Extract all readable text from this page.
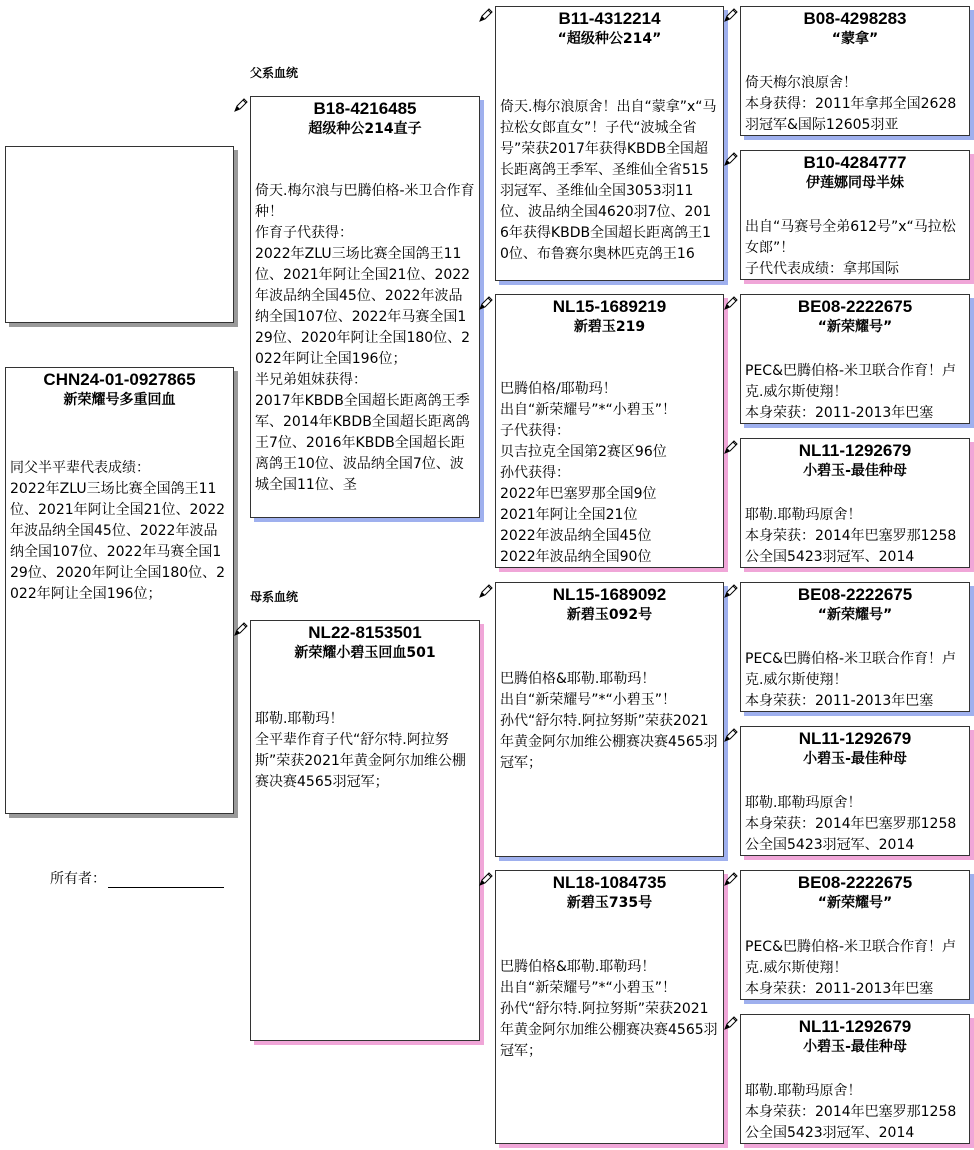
CHN24-01-0927865
新荣耀号多重回血
同父半平辈代表成绩：
2022年ZLU三场比赛全国鸽王11位、2021年阿让全国21位、2022年波品纳全国45位、2022年波品纳全国107位、2022年马赛全国129位、2020年阿让全国180位、2022年阿让全国196位；
所有者：
父系血统
母系血统
B18-4216485
超级种公214直子
倚天.梅尔浪与巴腾伯格-米卫合作育种！
作育子代获得：
2022年ZLU三场比赛全国鸽王11位、2021年阿让全国21位、2022年波品纳全国45位、2022年波品纳全国107位、2022年马赛全国129位、2020年阿让全国180位、2022年阿让全国196位；
半兄弟姐妹获得：
2017年KBDB全国超长距离鸽王季军、2014年KBDB全国超长距离鸽王7位、2016年KBDB全国超长距离鸽王10位、波品纳全国7位、波城全国11位、圣
NL22-8153501
新荣耀小碧玉回血501
耶勒.耶勒玛！
全平辈作育子代“舒尔特.阿拉努斯”荣获2021年黄金阿尔加维公棚赛决赛4565羽冠军；
B11-4312214
“超级种公214”
倚天.梅尔浪原舍！出自“蒙拿”x“马拉松女郎直女”！子代“波城全省号”荣获2017年获得KBDB全国超长距离鸽王季军、圣维仙全省515羽冠军、圣维仙全国3053羽11位、波品纳全国4620羽7位、2016年获得KBDB全国超长距离鸽王10位、布鲁赛尔奥林匹克鸽王16
NL15-1689219
新碧玉219
巴腾伯格/耶勒玛！
出自“新荣耀号”*“小碧玉”！
子代获得：
贝吉拉克全国第2赛区96位
孙代获得：
2022年巴塞罗那全国9位
2021年阿让全国21位
2022年波品纳全国45位
2022年波品纳全国90位
NL15-1689092
新碧玉092号
巴腾伯格&耶勒.耶勒玛！
出自“新荣耀号”*“小碧玉”！
孙代“舒尔特.阿拉努斯”荣获2021年黄金阿尔加维公棚赛决赛4565羽冠军；
NL18-1084735
新碧玉735号
巴腾伯格&耶勒.耶勒玛！
出自“新荣耀号”*“小碧玉”！
孙代“舒尔特.阿拉努斯”荣获2021年黄金阿尔加维公棚赛决赛4565羽冠军；
B08-4298283
“蒙拿”
倚天梅尔浪原舍！
本身获得：2011年拿邦全国2628羽冠军&国际12605羽亚
B10-4284777
伊莲娜同母半妹
出自“马赛号全弟612号”x“马拉松女郎”！
子代代表成绩：拿邦国际
BE08-2222675
“新荣耀号”
PEC&巴腾伯格-米卫联合作育！卢克.威尔斯使翔！
本身荣获：2011-2013年巴塞
NL11-1292679
小碧玉-最佳种母
耶勒.耶勒玛原舍！
本身荣获：2014年巴塞罗那1258公全国5423羽冠军、2014
BE08-2222675
“新荣耀号”
PEC&巴腾伯格-米卫联合作育！卢克.威尔斯使翔！
本身荣获：2011-2013年巴塞
NL11-1292679
小碧玉-最佳种母
耶勒.耶勒玛原舍！
本身荣获：2014年巴塞罗那1258公全国5423羽冠军、2014
BE08-2222675
“新荣耀号”
PEC&巴腾伯格-米卫联合作育！卢克.威尔斯使翔！
本身荣获：2011-2013年巴塞
NL11-1292679
小碧玉-最佳种母
耶勒.耶勒玛原舍！
本身荣获：2014年巴塞罗那1258公全国5423羽冠军、2014
